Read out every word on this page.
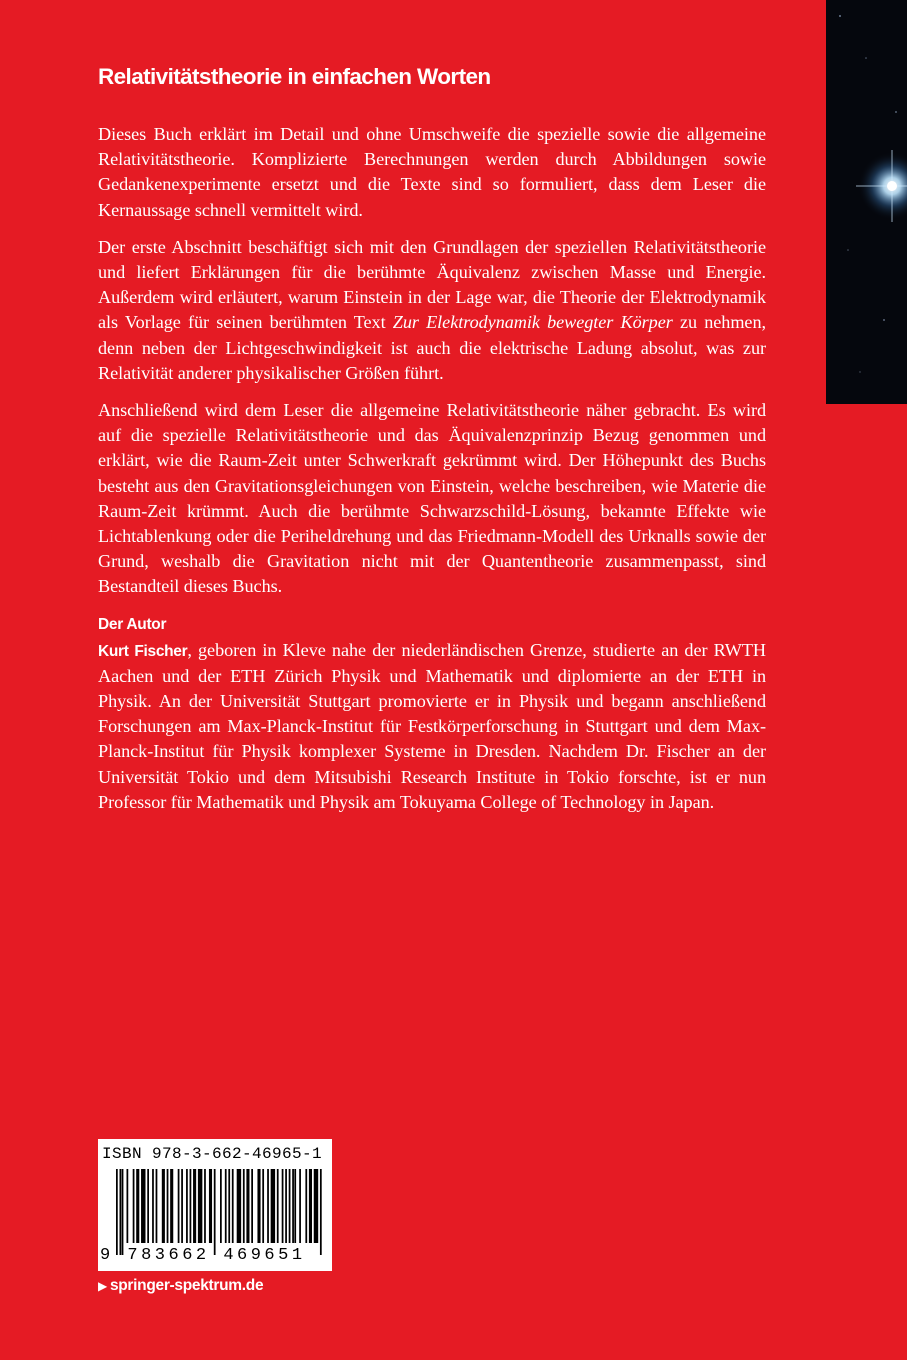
Relativitätstheorie in einfachen Worten

Dieses Buch erklärt im Detail und ohne Umschweife die spezielle sowie die allgemeine Relativitätstheorie. Komplizierte Berechnungen werden durch Abbildungen sowie Gedankenexperimente ersetzt und die Texte sind so formuliert, dass dem Leser die Kernaussage schnell vermittelt wird.

Der erste Abschnitt beschäftigt sich mit den Grundlagen der speziellen Relativitätstheorie und liefert Erklärungen für die berühmte Äquivalenz zwischen Masse und Energie. Außerdem wird erläutert, warum Einstein in der Lage war, die Theorie der Elektrodynamik als Vorlage für seinen berühmten Text Zur Elektrodynamik bewegter Körper zu nehmen, denn neben der Lichtgeschwindigkeit ist auch die elektrische Ladung absolut, was zur Relativität anderer physikalischer Größen führt.

Anschließend wird dem Leser die allgemeine Relativitätstheorie näher gebracht. Es wird auf die spezielle Relativitätstheorie und das Äquivalenzprinzip Bezug genommen und erklärt, wie die Raum-Zeit unter Schwerkraft gekrümmt wird. Der Höhepunkt des Buchs besteht aus den Gravitationsgleichungen von Einstein, welche beschreiben, wie Materie die Raum-Zeit krümmt. Auch die berühmte Schwarzschild-Lösung, bekannte Effekte wie Lichtablenkung oder die Periheldrehung und das Friedmann-Modell des Urknalls sowie der Grund, weshalb die Gravitation nicht mit der Quantentheorie zusammenpasst, sind Bestandteil dieses Buchs.

Der Autor

Kurt Fischer, geboren in Kleve nahe der niederländischen Grenze, studierte an der RWTH Aachen und der ETH Zürich Physik und Mathematik und diplomierte an der ETH in Physik. An der Universität Stuttgart promovierte er in Physik und begann anschließend Forschungen am Max-Planck-Institut für Festkörperforschung in Stuttgart und dem Max-Planck-Institut für Physik komplexer Systeme in Dresden. Nachdem Dr. Fischer an der Universität Tokio und dem Mitsubishi Research Institute in Tokio forschte, ist er nun Professor für Mathematik und Physik am Tokuyama College of Technology in Japan.

ISBN 978-3-662-46965-1
9 783662 469651
▶ springer-spektrum.de
